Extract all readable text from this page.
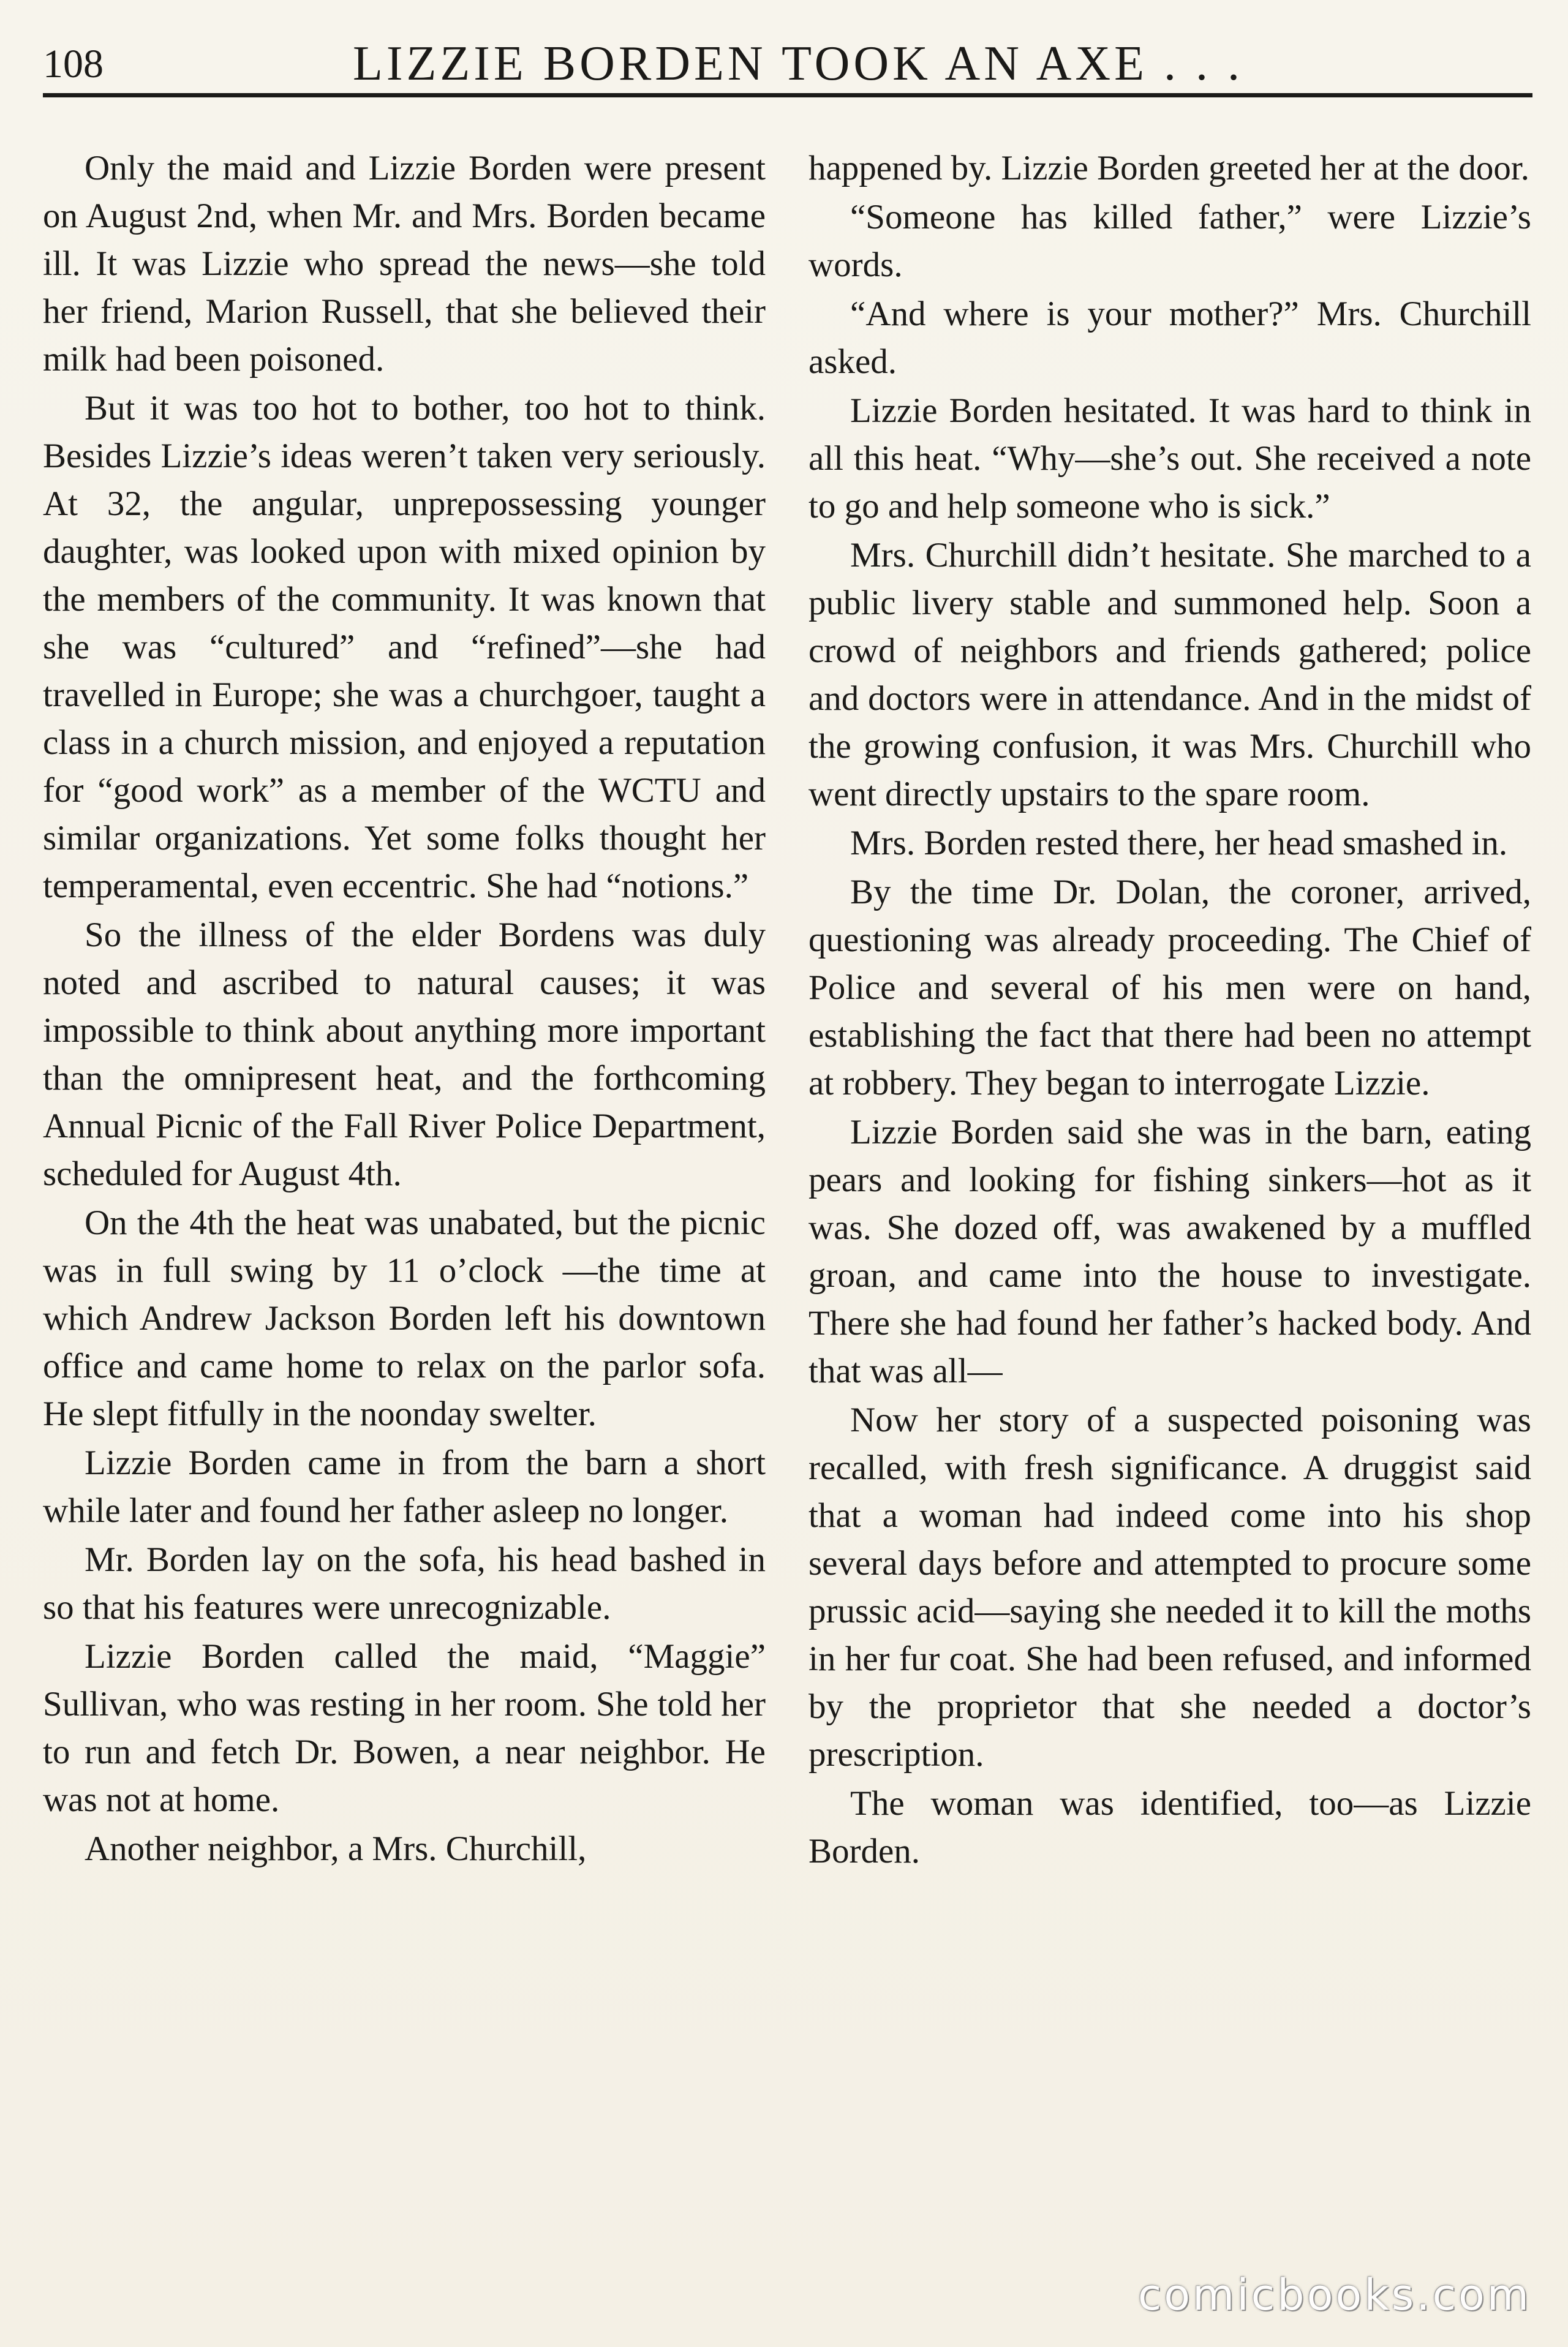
108	LIZZIE BORDEN TOOK AN AXE . . .

Only the maid and Lizzie Borden were present on August 2nd, when Mr. and Mrs. Borden became ill. It was Lizzie who spread the news—she told her friend, Marion Russell, that she believed their milk had been poisoned.

But it was too hot to bother, too hot to think. Besides Lizzie’s ideas weren’t taken very seriously. At 32, the angular, unprepossessing younger daughter, was looked upon with mixed opinion by the members of the community. It was known that she was “cultured” and “refined”—she had travelled in Europe; she was a churchgoer, taught a class in a church mission, and enjoyed a reputation for “good work” as a member of the WCTU and similar organizations. Yet some folks thought her temperamental, even eccentric. She had “notions.”

So the illness of the elder Bordens was duly noted and ascribed to natural causes; it was impossible to think about anything more important than the omnipresent heat, and the forthcoming Annual Picnic of the Fall River Police Department, scheduled for August 4th.

On the 4th the heat was unabated, but the picnic was in full swing by 11 o’clock —the time at which Andrew Jackson Borden left his downtown office and came home to relax on the parlor sofa. He slept fitfully in the noonday swelter.

Lizzie Borden came in from the barn a short while later and found her father asleep no longer.

Mr. Borden lay on the sofa, his head bashed in so that his features were unrecognizable.

Lizzie Borden called the maid, “Maggie” Sullivan, who was resting in her room. She told her to run and fetch Dr. Bowen, a near neighbor. He was not at home.

Another neighbor, a Mrs. Churchill,

happened by. Lizzie Borden greeted her at the door.

“Someone has killed father,” were Lizzie’s words.

“And where is your mother?” Mrs. Churchill asked.

Lizzie Borden hesitated. It was hard to think in all this heat. “Why—she’s out. She received a note to go and help someone who is sick.”

Mrs. Churchill didn’t hesitate. She marched to a public livery stable and summoned help. Soon a crowd of neighbors and friends gathered; police and doctors were in attendance. And in the midst of the growing confusion, it was Mrs. Churchill who went directly upstairs to the spare room.

Mrs. Borden rested there, her head smashed in.

By the time Dr. Dolan, the coroner, arrived, questioning was already proceeding. The Chief of Police and several of his men were on hand, establishing the fact that there had been no attempt at robbery. They began to interrogate Lizzie.

Lizzie Borden said she was in the barn, eating pears and looking for fishing sinkers—hot as it was. She dozed off, was awakened by a muffled groan, and came into the house to investigate. There she had found her father’s hacked body. And that was all—

Now her story of a suspected poisoning was recalled, with fresh significance. A druggist said that a woman had indeed come into his shop several days before and attempted to procure some prussic acid—saying she needed it to kill the moths in her fur coat. She had been refused, and informed by the proprietor that she needed a doctor’s prescription.

The woman was identified, too—as Lizzie Borden.

comicbooks.com
